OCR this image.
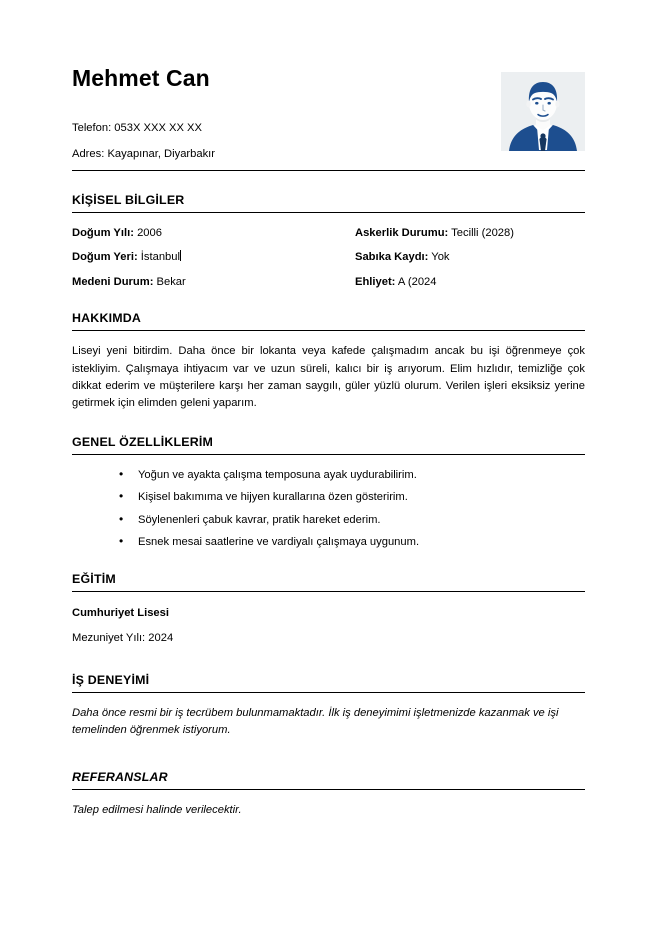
Mehmet Can

Telefon: 053X XXX XX XX

Adres: Kayapınar, Diyarbakır

KİŞİSEL BİLGİLER
Doğum Yılı: 2006	Askerlik Durumu: Tecilli (2028)
Doğum Yeri: İstanbul	Sabıka Kaydı: Yok
Medeni Durum: Bekar	Ehliyet: A (2024
HAKKIMDA

Liseyi yeni bitirdim. Daha önce bir lokanta veya kafede çalışmadım ancak bu işi öğrenmeye çok istekliyim. Çalışmaya ihtiyacım var ve uzun süreli, kalıcı bir iş arıyorum. Elim hızlıdır, temizliğe çok dikkat ederim ve müşterilere karşı her zaman saygılı, güler yüzlü olurum. Verilen işleri eksiksiz yerine getirmek için elimden geleni yaparım.

GENEL ÖZELLİKLERİM
• Yoğun ve ayakta çalışma temposuna ayak uydurabilirim.
• Kişisel bakımıma ve hijyen kurallarına özen gösteririm.
• Söylenenleri çabuk kavrar, pratik hareket ederim.
• Esnek mesai saatlerine ve vardiyalı çalışmaya uygunum.
EĞİTİM

Cumhuriyet Lisesi

Mezuniyet Yılı: 2024

İŞ DENEYİMİ

Daha önce resmi bir iş tecrübem bulunmamaktadır. İlk iş deneyimimi işletmenizde kazanmak ve işi temelinden öğrenmek istiyorum.

REFERANSLAR

Talep edilmesi halinde verilecektir.
